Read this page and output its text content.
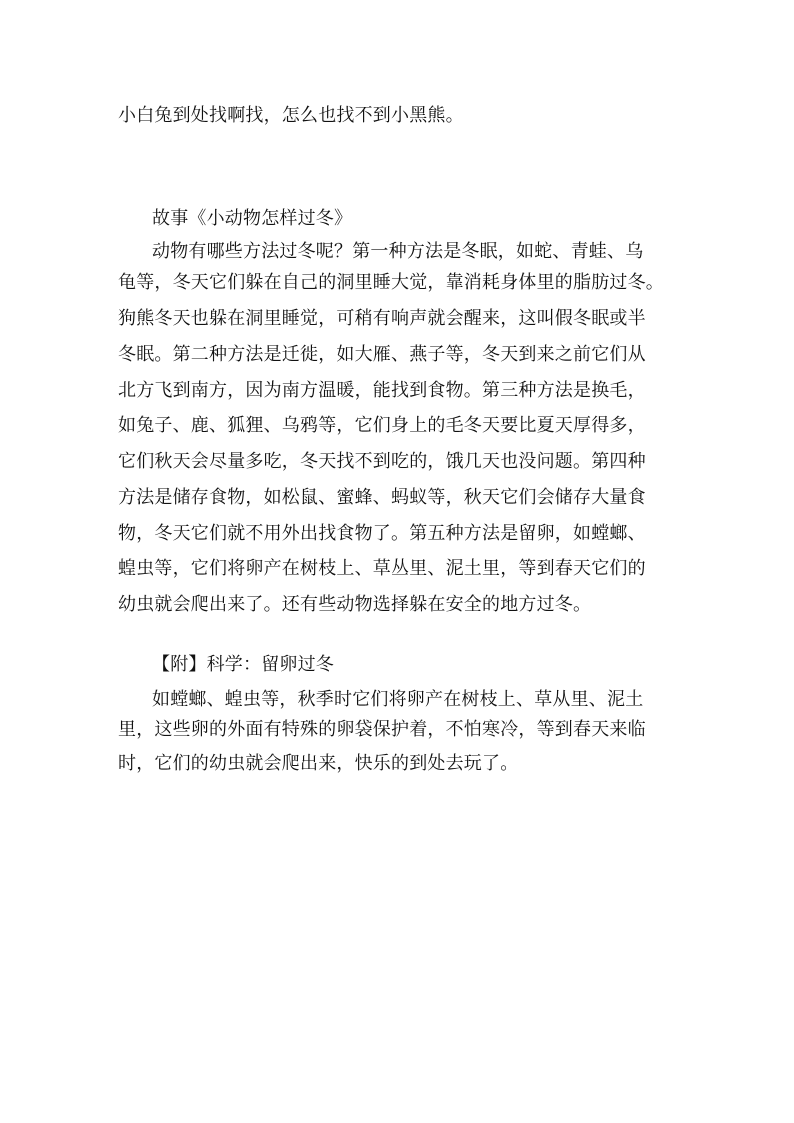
小白兔到处找啊找，怎么也找不到小黑熊。
故事《小动物怎样过冬》
动物有哪些方法过冬呢？第一种方法是冬眠，如蛇、青蛙、乌
龟等，冬天它们躲在自己的洞里睡大觉，靠消耗身体里的脂肪过冬。
狗熊冬天也躲在洞里睡觉，可稍有响声就会醒来，这叫假冬眠或半
冬眠。第二种方法是迁徙，如大雁、燕子等，冬天到来之前它们从
北方飞到南方，因为南方温暖，能找到食物。第三种方法是换毛，
如兔子、鹿、狐狸、乌鸦等，它们身上的毛冬天要比夏天厚得多，
它们秋天会尽量多吃，冬天找不到吃的，饿几天也没问题。第四种
方法是储存食物，如松鼠、蜜蜂、蚂蚁等，秋天它们会储存大量食
物，冬天它们就不用外出找食物了。第五种方法是留卵，如螳螂、
蝗虫等，它们将卵产在树枝上、草丛里、泥土里，等到春天它们的
幼虫就会爬出来了。还有些动物选择躲在安全的地方过冬。
【附】科学：留卵过冬
如螳螂、蝗虫等，秋季时它们将卵产在树枝上、草从里、泥土
里，这些卵的外面有特殊的卵袋保护着，不怕寒冷，等到春天来临
时，它们的幼虫就会爬出来，快乐的到处去玩了。
